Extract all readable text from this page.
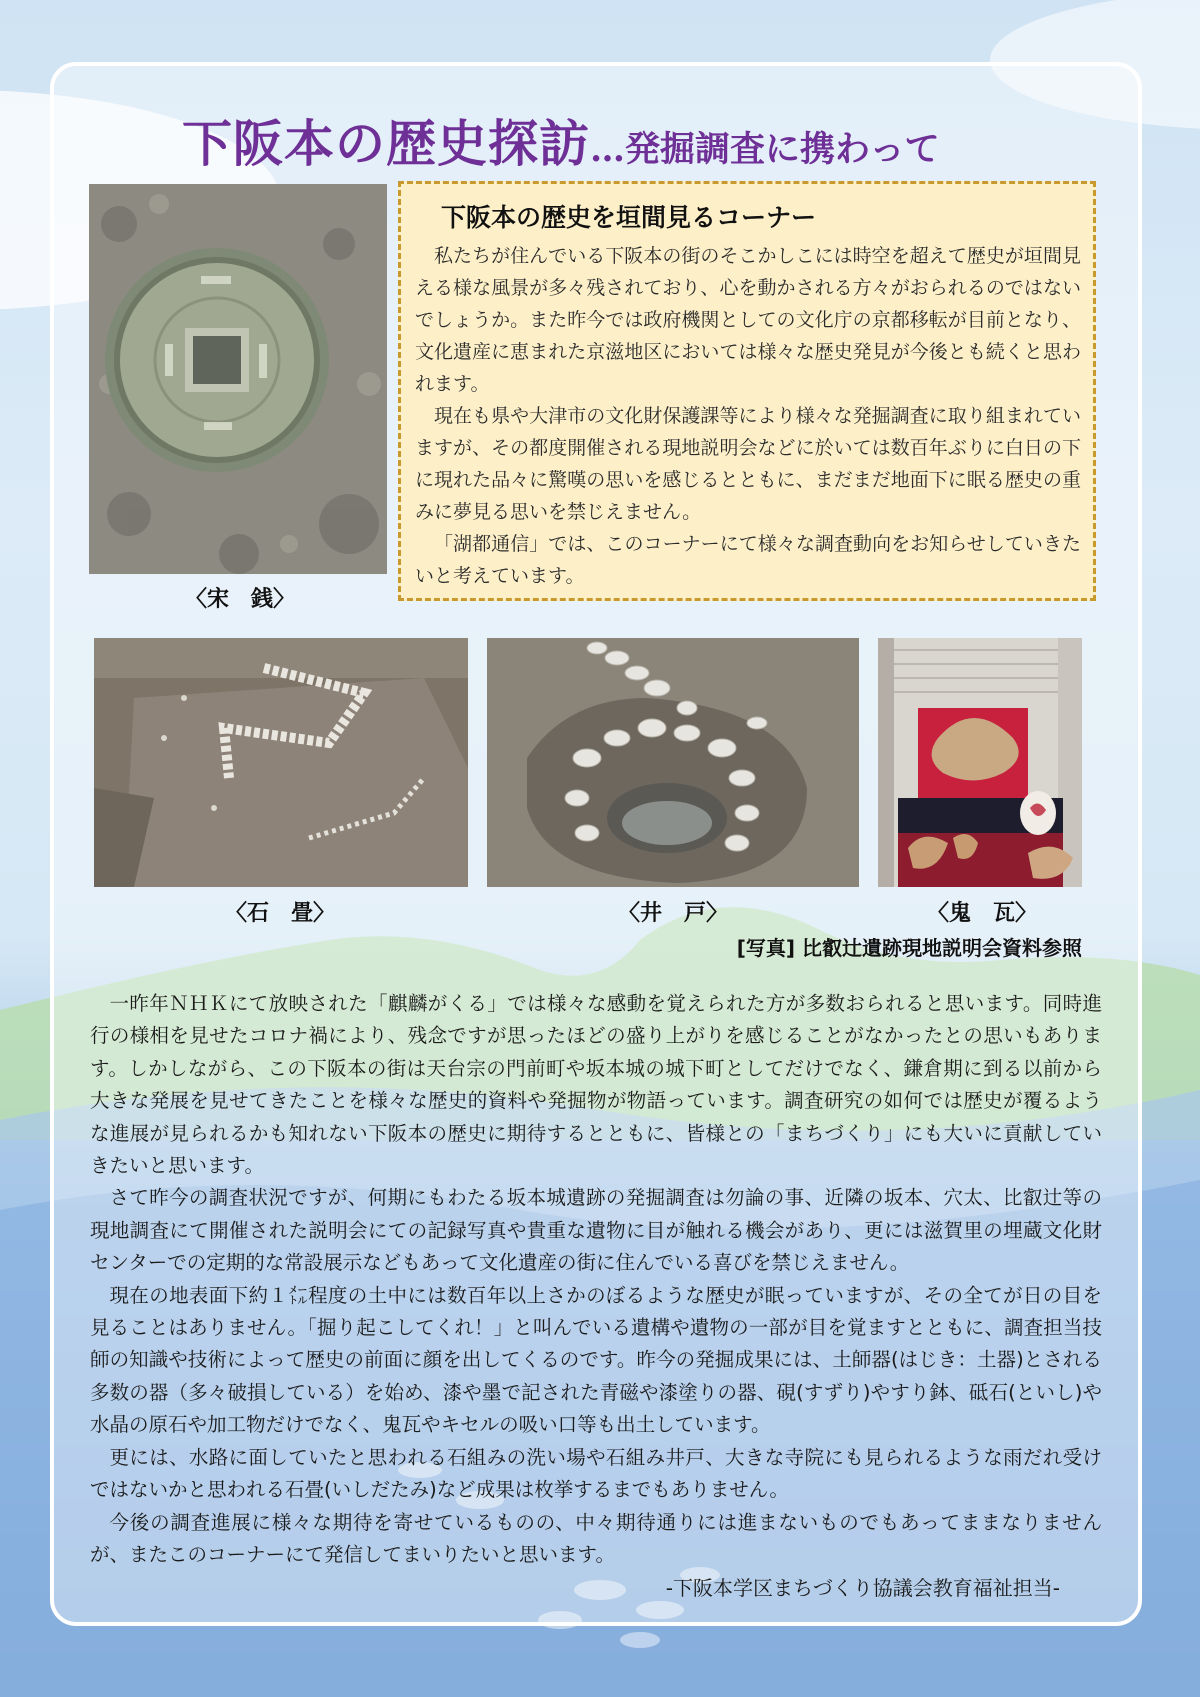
下阪本の歴史探訪…発掘調査に携わって
〈宋　銭〉
下阪本の歴史を垣間見るコーナー

私たちが住んでいる下阪本の街のそこかしこには時空を超えて歴史が垣間見える様な風景が多々残されており、心を動かされる方々がおられるのではないでしょうか。また昨今では政府機関としての文化庁の京都移転が目前となり、文化遺産に恵まれた京滋地区においては様々な歴史発見が今後とも続くと思われます。

現在も県や大津市の文化財保護課等により様々な発掘調査に取り組まれていますが、その都度開催される現地説明会などに於いては数百年ぶりに白日の下に現れた品々に驚嘆の思いを感じるとともに、まだまだ地面下に眠る歴史の重みに夢見る思いを禁じえません。

「湖都通信」では、このコーナーにて様々な調査動向をお知らせしていきたいと考えています。

〈石　畳〉	〈井　戸〉	〈鬼　瓦〉
[写真] 比叡辻遺跡現地説明会資料参照

一昨年ＮＨＫにて放映された「麒麟がくる」では様々な感動を覚えられた方が多数おられると思います。同時進行の様相を見せたコロナ禍により、残念ですが思ったほどの盛り上がりを感じることがなかったとの思いもあります。しかしながら、この下阪本の街は天台宗の門前町や坂本城の城下町としてだけでなく、鎌倉期に到る以前から大きな発展を見せてきたことを様々な歴史的資料や発掘物が物語っています。調査研究の如何では歴史が覆るような進展が見られるかも知れない下阪本の歴史に期待するとともに、皆様との「まちづくり」にも大いに貢献していきたいと思います。

さて昨今の調査状況ですが、何期にもわたる坂本城遺跡の発掘調査は勿論の事、近隣の坂本、穴太、比叡辻等の現地調査にて開催された説明会にての記録写真や貴重な遺物に目が触れる機会があり、更には滋賀里の埋蔵文化財センターでの定期的な常設展示などもあって文化遺産の街に住んでいる喜びを禁じえません。

現在の地表面下約１㍍程度の土中には数百年以上さかのぼるような歴史が眠っていますが、その全てが日の目を見ることはありません。「掘り起こしてくれ！」と叫んでいる遺構や遺物の一部が目を覚ますとともに、調査担当技師の知識や技術によって歴史の前面に顔を出してくるのです。昨今の発掘成果には、土師器(はじき：土器)とされる多数の器（多々破損している）を始め、漆や墨で記された青磁や漆塗りの器、硯(すずり)やすり鉢、砥石(といし)や水晶の原石や加工物だけでなく、鬼瓦やキセルの吸い口等も出土しています。

更には、水路に面していたと思われる石組みの洗い場や石組み井戸、大きな寺院にも見られるような雨だれ受けではないかと思われる石畳(いしだたみ)など成果は枚挙するまでもありません。

今後の調査進展に様々な期待を寄せているものの、中々期待通りには進まないものでもあってままなりませんが、またこのコーナーにて発信してまいりたいと思います。

-下阪本学区まちづくり協議会教育福祉担当-
